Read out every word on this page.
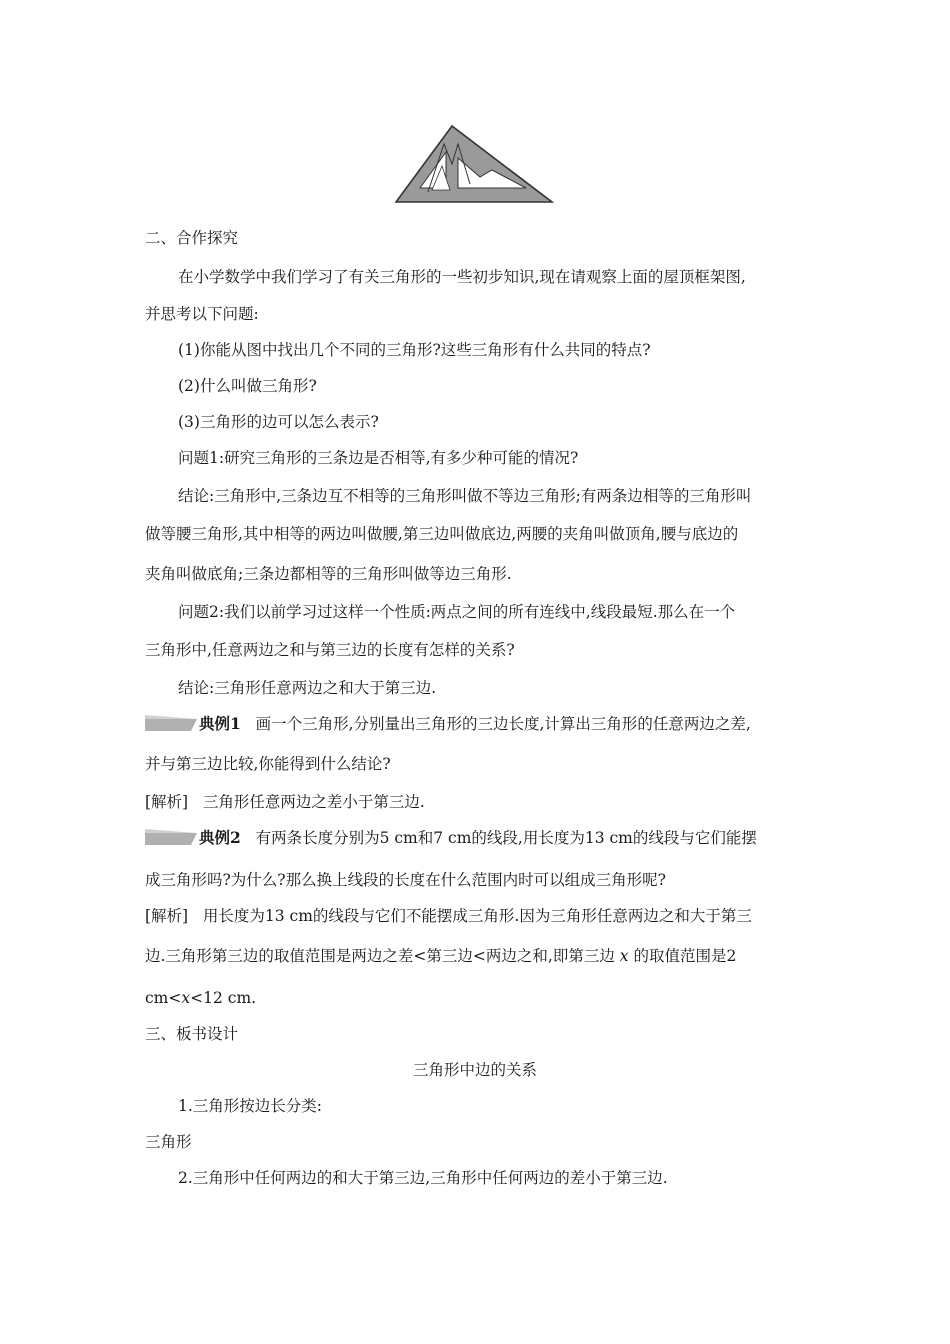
二、合作探究
在小学数学中我们学习了有关三角形的一些初步知识,现在请观察上面的屋顶框架图,
并思考以下问题:
(1)你能从图中找出几个不同的三角形?这些三角形有什么共同的特点?
(2)什么叫做三角形?
(3)三角形的边可以怎么表示?
问题1:研究三角形的三条边是否相等,有多少种可能的情况?
结论:三角形中,三条边互不相等的三角形叫做不等边三角形;有两条边相等的三角形叫
做等腰三角形,其中相等的两边叫做腰,第三边叫做底边,两腰的夹角叫做顶角,腰与底边的
夹角叫做底角;三条边都相等的三角形叫做等边三角形.
问题2:我们以前学习过这样一个性质:两点之间的所有连线中,线段最短.那么在一个
三角形中,任意两边之和与第三边的长度有怎样的关系?
结论:三角形任意两边之和大于第三边.
典例1 画一个三角形,分别量出三角形的三边长度,计算出三角形的任意两边之差,
并与第三边比较,你能得到什么结论?
[解析] 三角形任意两边之差小于第三边.
典例2 有两条长度分别为5 cm和7 cm的线段,用长度为13 cm的线段与它们能摆
成三角形吗?为什么?那么换上线段的长度在什么范围内时可以组成三角形呢?
[解析] 用长度为13 cm的线段与它们不能摆成三角形.因为三角形任意两边之和大于第三
边.三角形第三边的取值范围是两边之差<第三边<两边之和,即第三边 x 的取值范围是2
cm<x<12 cm.
三、板书设计
三角形中边的关系
1.三角形按边长分类:
三角形
2.三角形中任何两边的和大于第三边,三角形中任何两边的差小于第三边.
